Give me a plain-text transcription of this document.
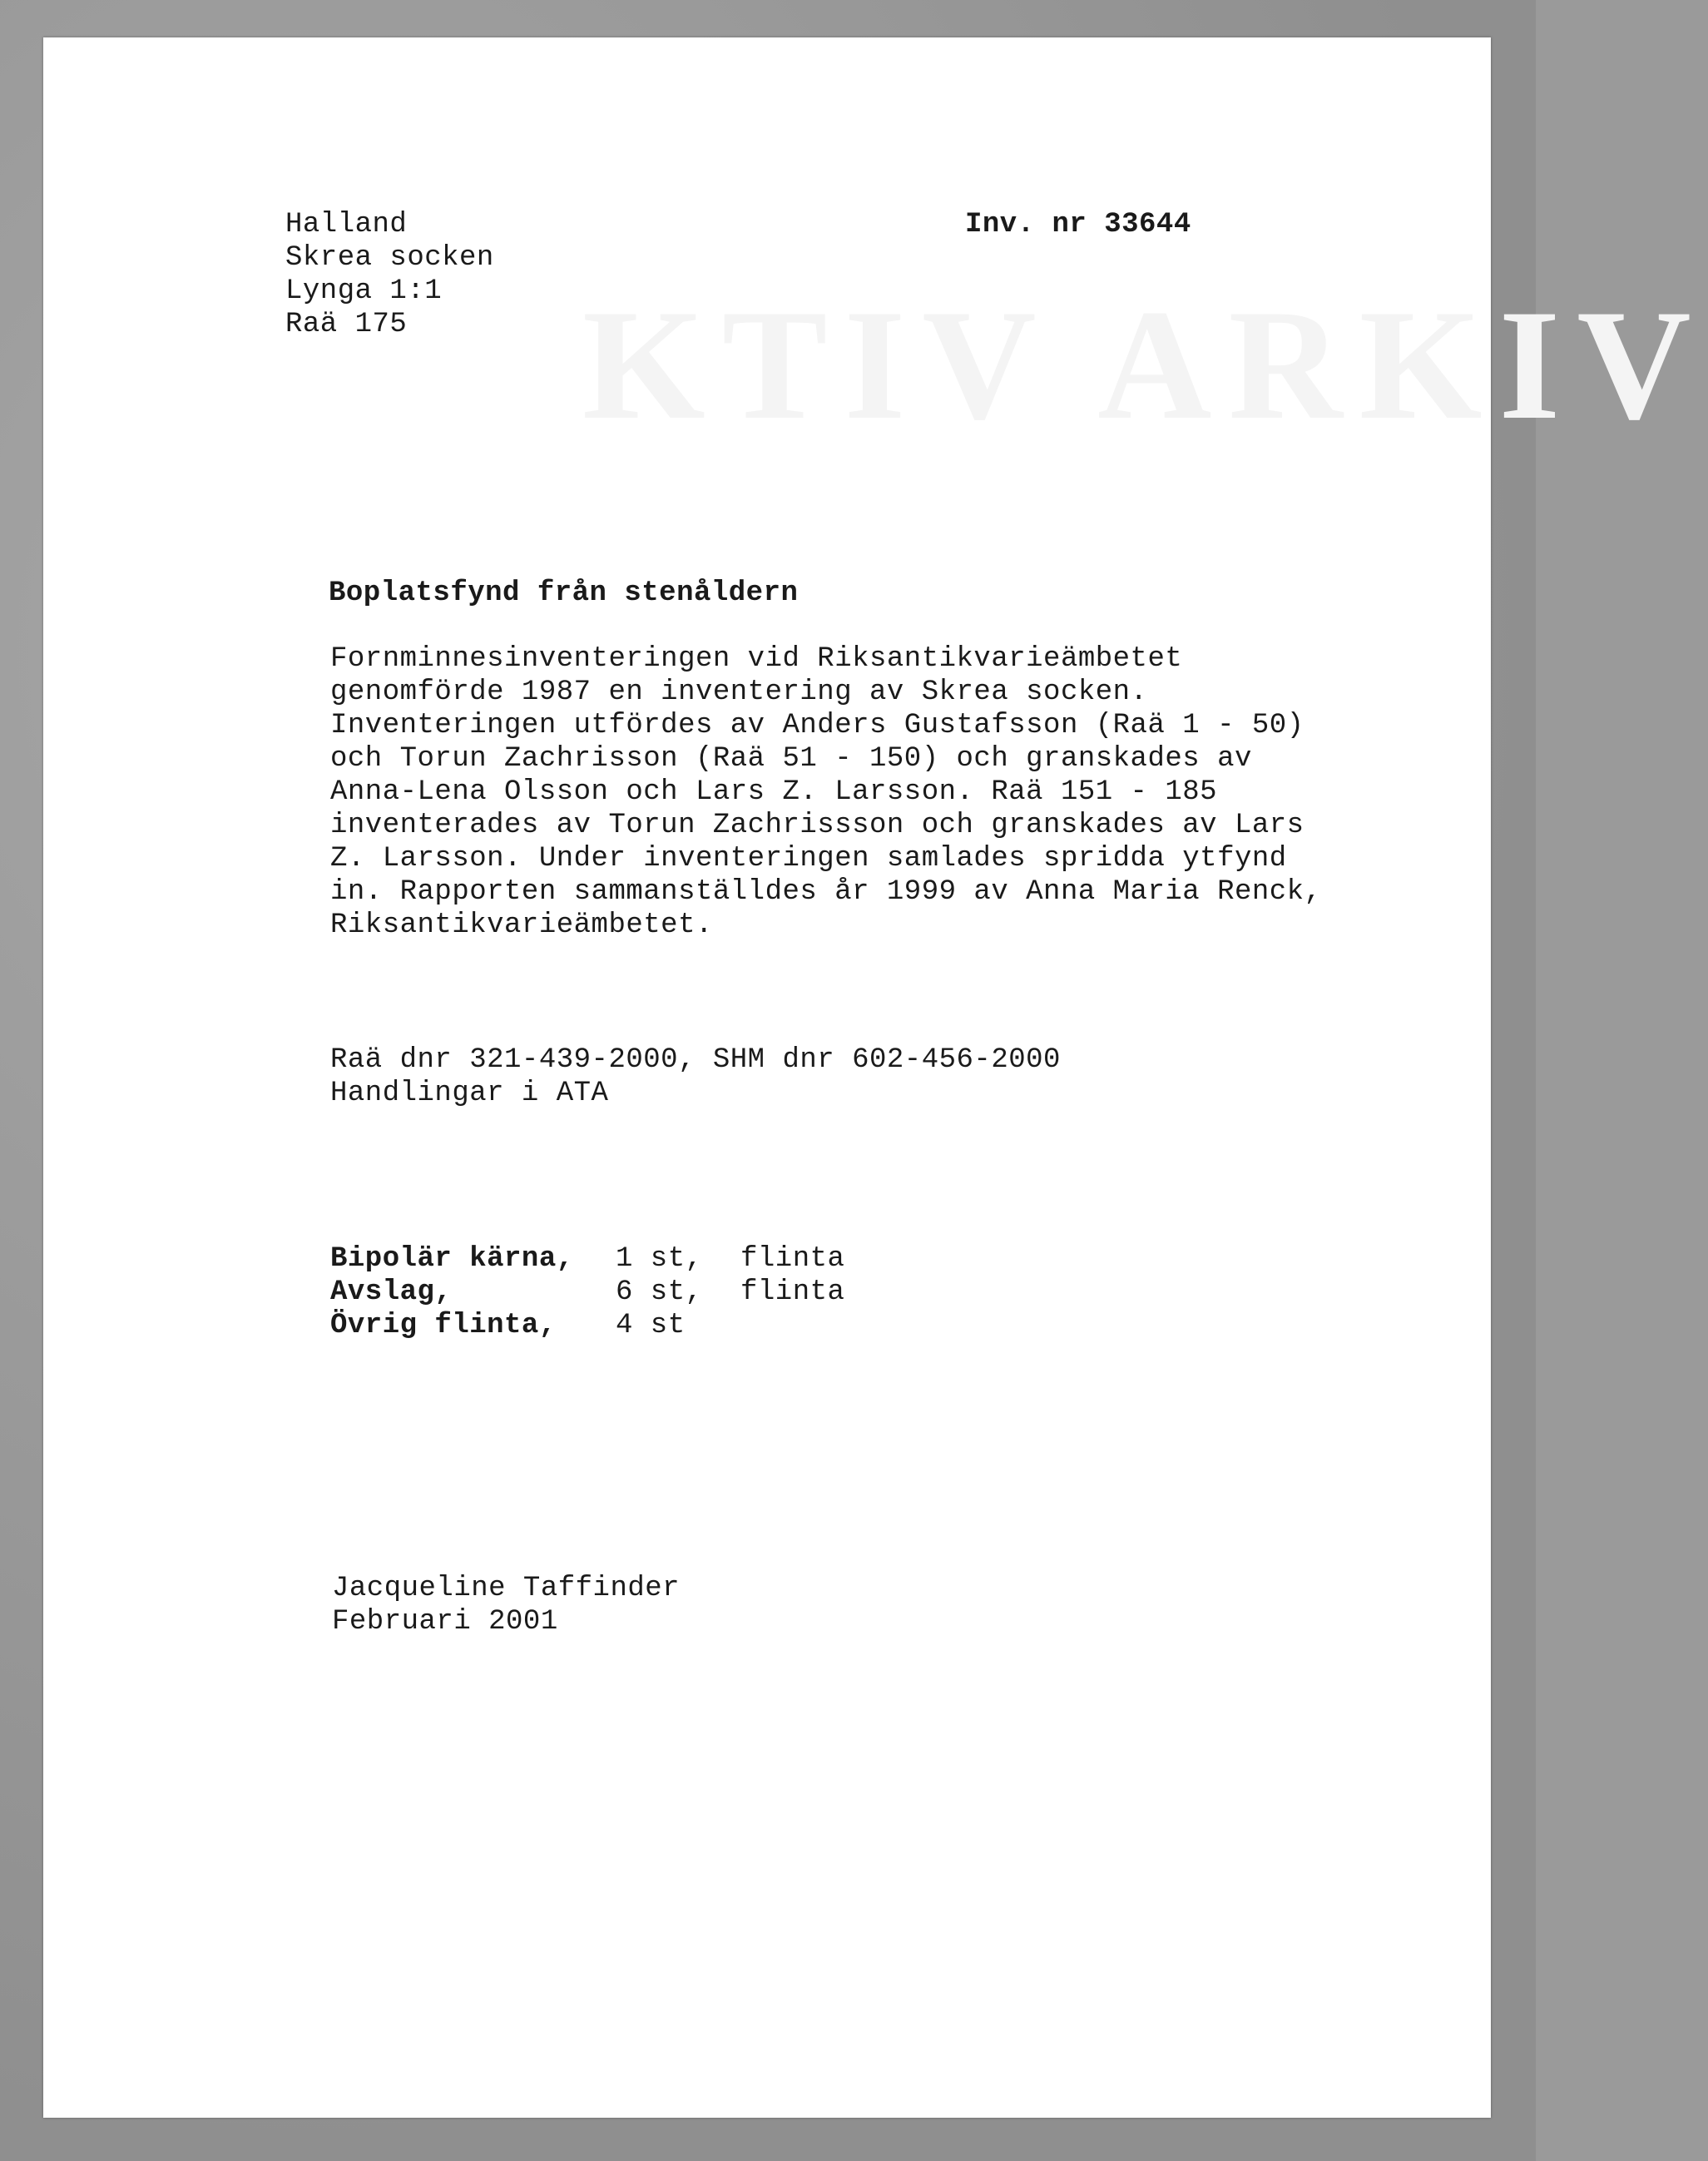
KTIV ARKIV
Halland
Skrea socken
Lynga 1:1
Raä 175
Inv. nr 33644
Boplatsfynd från stenåldern
Fornminnesinventeringen vid Riksantikvarieämbetet
genomförde 1987 en inventering av Skrea socken.
Inventeringen utfördes av Anders Gustafsson (Raä 1 - 50)
och Torun Zachrisson (Raä 51 - 150) och granskades av
Anna-Lena Olsson och Lars Z. Larsson. Raä 151 - 185
inventerades av Torun Zachrissson och granskades av Lars
Z. Larsson. Under inventeringen samlades spridda ytfynd
in. Rapporten sammanställdes år 1999 av Anna Maria Renck,
Riksantikvarieämbetet.
Raä dnr 321-439-2000, SHM dnr 602-456-2000
Handlingar i ATA
Bipolär kärna,	1 st,	flinta
Avslag,	6 st,	flinta
Övrig flinta,	4 st
Jacqueline Taffinder
Februari 2001
